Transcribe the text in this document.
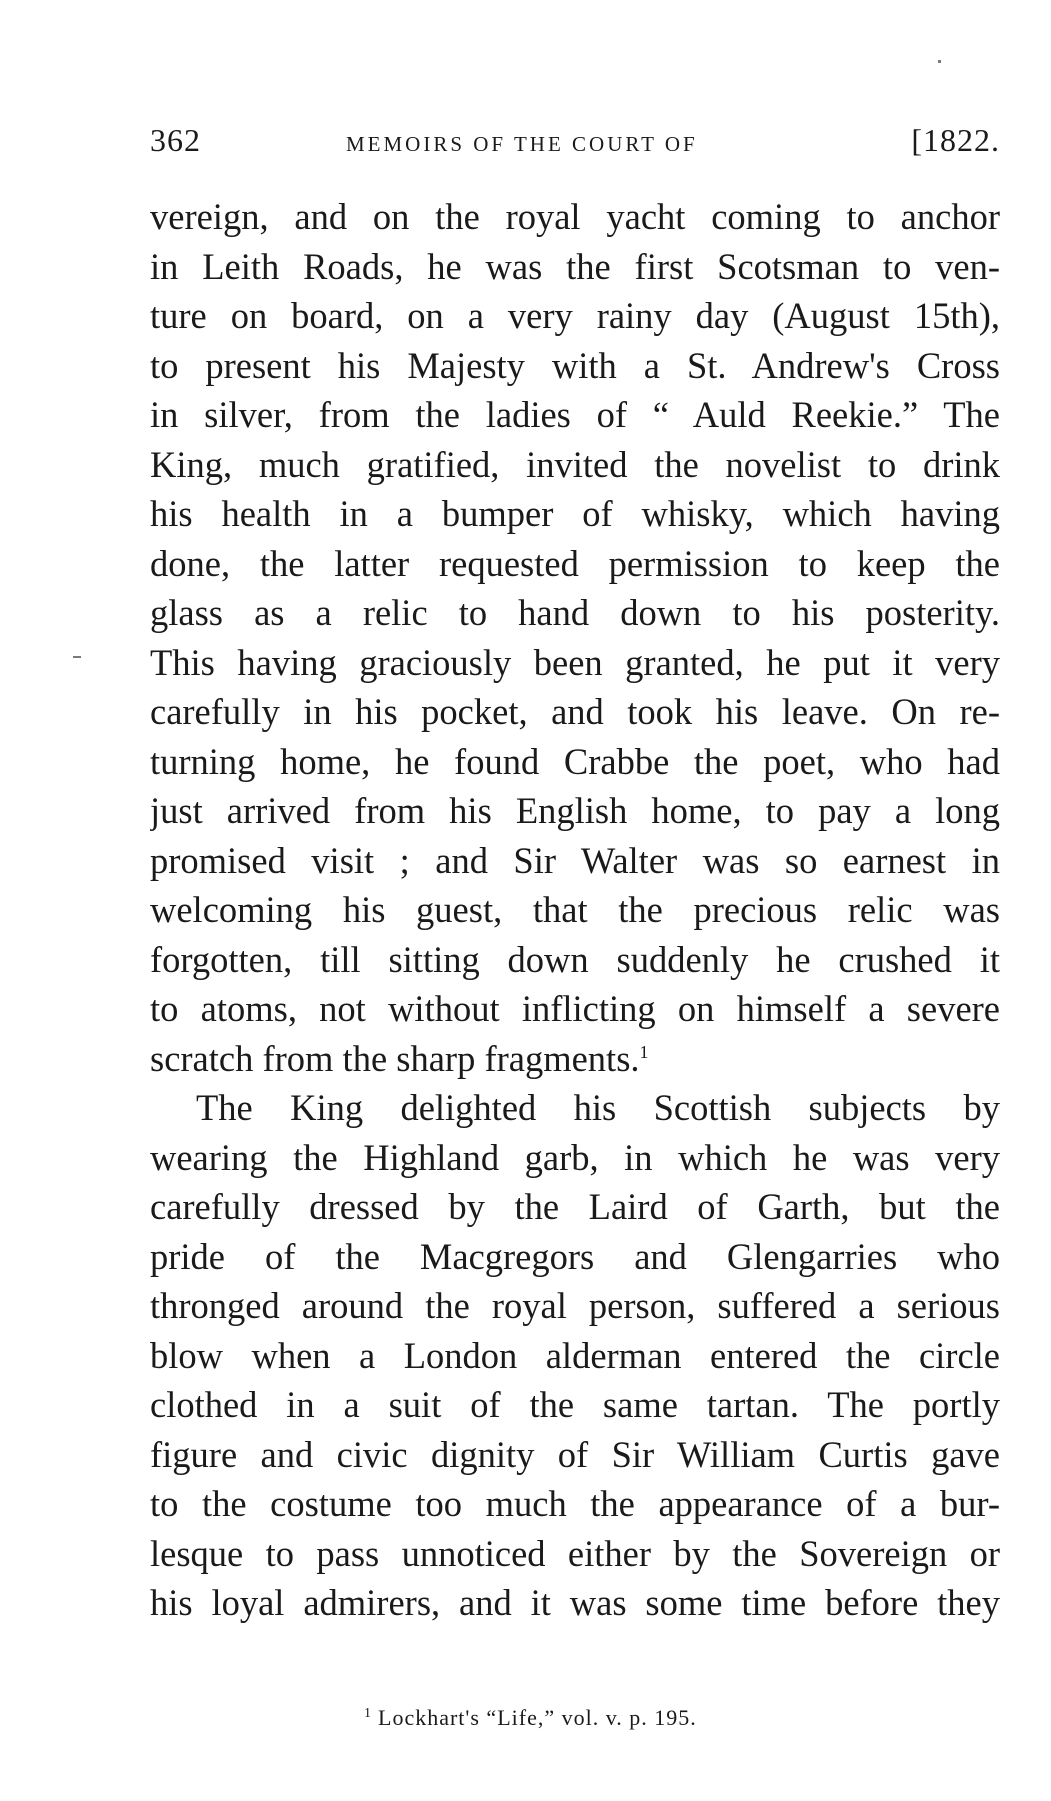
362	MEMOIRS OF THE COURT OF	[1822.
vereign, and on the royal yacht coming to anchor
in Leith Roads, he was the first Scotsman to ven-
ture on board, on a very rainy day (August 15th),
to present his Majesty with a St. Andrew's Cross
in silver, from the ladies of “ Auld Reekie.” The
King, much gratified, invited the novelist to drink
his health in a bumper of whisky, which having
done, the latter requested permission to keep the
glass as a relic to hand down to his posterity.
This having graciously been granted, he put it very
carefully in his pocket, and took his leave. On re-
turning home, he found Crabbe the poet, who had
just arrived from his English home, to pay a long
promised visit ; and Sir Walter was so earnest in
welcoming his guest, that the precious relic was
forgotten, till sitting down suddenly he crushed it
to atoms, not without inflicting on himself a severe
scratch from the sharp fragments.$^1$
The King delighted his Scottish subjects by
wearing the Highland garb, in which he was very
carefully dressed by the Laird of Garth, but the
pride of the Macgregors and Glengarries who
thronged around the royal person, suffered a serious
blow when a London alderman entered the circle
clothed in a suit of the same tartan. The portly
figure and civic dignity of Sir William Curtis gave
to the costume too much the appearance of a bur-
lesque to pass unnoticed either by the Sovereign or
his loyal admirers, and it was some time before they
$^1$ Lockhart's “Life,” vol. v. p. 195.
